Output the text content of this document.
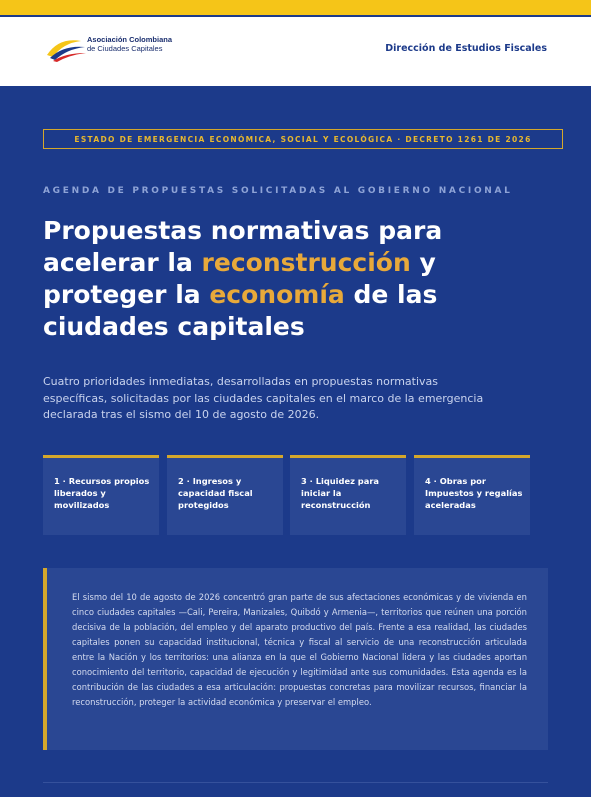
Asociación Colombiana
de Ciudades Capitales	Dirección de Estudios Fiscales
ESTADO DE EMERGENCIA ECONÓMICA, SOCIAL Y ECOLÓGICA · DECRETO 1261 DE 2026
AGENDA DE PROPUESTAS SOLICITADAS AL GOBIERNO NACIONAL
Propuestas normativas para acelerar la reconstrucción y proteger la economía de las ciudades capitales

Cuatro prioridades inmediatas, desarrolladas en propuestas normativas específicas, solicitadas por las ciudades capitales en el marco de la emergencia declarada tras el sismo del 10 de agosto de 2026.

1 · Recursos propios liberados y movilizados
2 · Ingresos y capacidad fiscal protegidos
3 · Liquidez para iniciar la reconstrucción
4 · Obras por Impuestos y regalías aceleradas

El sismo del 10 de agosto de 2026 concentró gran parte de sus afectaciones económicas y de vivienda en cinco ciudades capitales —Cali, Pereira, Manizales, Quibdó y Armenia—, territorios que reúnen una porción decisiva de la población, del empleo y del aparato productivo del país. Frente a esa realidad, las ciudades capitales ponen su capacidad institucional, técnica y fiscal al servicio de una reconstrucción articulada entre la Nación y los territorios: una alianza en la que el Gobierno Nacional lidera y las ciudades aportan conocimiento del territorio, capacidad de ejecución y legitimidad ante sus comunidades. Esta agenda es la contribución de las ciudades a esa articulación: propuestas concretas para movilizar recursos, financiar la reconstrucción, proteger la actividad económica y preservar el empleo.
